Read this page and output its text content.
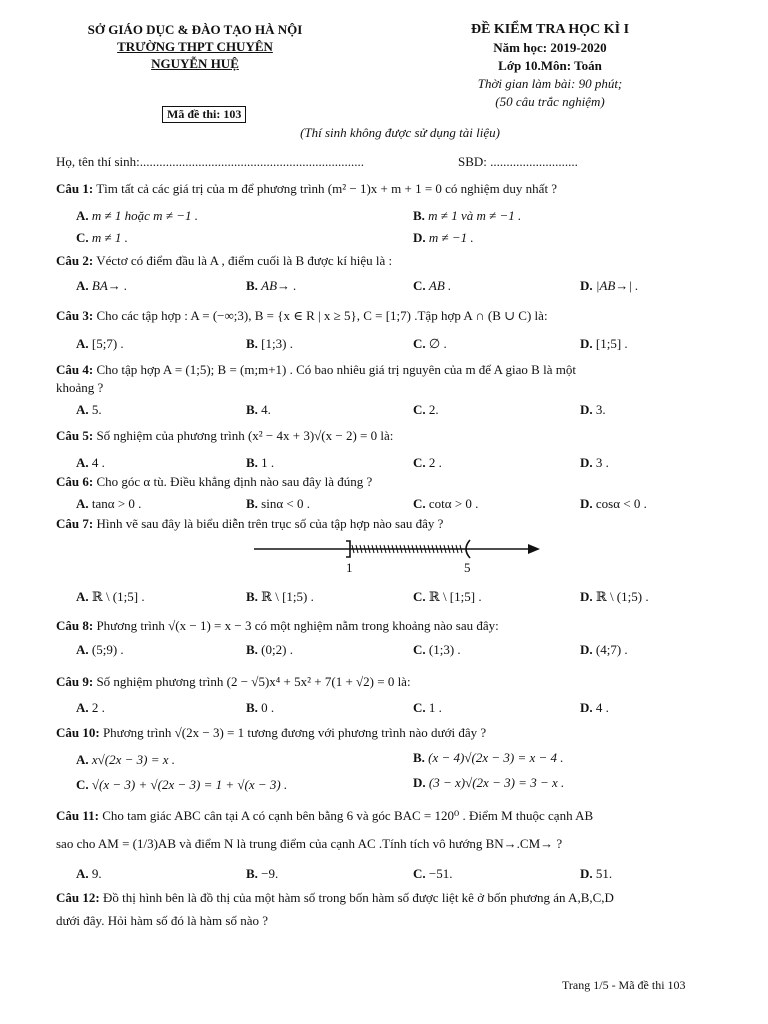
SỞ GIÁO DỤC & ĐÀO TẠO HÀ NỘI
TRƯỜNG THPT CHUYÊN
NGUYỄN HUỆ
ĐỀ KIỂM TRA HỌC KÌ I
Năm học: 2019-2020
Lớp 10.Môn: Toán
Thời gian làm bài: 90 phút;
(50 câu trắc nghiệm)
Mã đề thi: 103
(Thí sinh không được sử dụng tài liệu)
Họ, tên thí sinh:.....................................................................	SBD: ...........................
Câu 1: Tìm tất cả các giá trị của m để phương trình (m² − 1)x + m + 1 = 0 có nghiệm duy nhất ?
A. m ≠ 1 hoặc m ≠ −1 .	B. m ≠ 1 và m ≠ −1 .
C. m ≠ 1 .	D. m ≠ −1 .
Câu 2: Véctơ có điểm đầu là A , điểm cuối là B được kí hiệu là :
A. BA→ .	B. AB→ .	C. AB .	D. |AB→| .
Câu 3: Cho các tập hợp : A = (−∞;3), B = {x ∈ R | x ≥ 5}, C = [1;7) .Tập hợp A ∩ (B ∪ C) là:
A. [5;7) .	B. [1;3) .	C. ∅ .	D. [1;5] .
Câu 4: Cho tập hợp A = (1;5); B = (m;m+1) . Có bao nhiêu giá trị nguyên của m để A giao B là một
khoảng ?
A. 5.	B. 4.	C. 2.	D. 3.
Câu 5: Số nghiệm của phương trình (x² − 4x + 3)√(x − 2) = 0 là:
A. 4 .	B. 1 .	C. 2 .	D. 3 .
Câu 6: Cho góc α tù. Điều khẳng định nào sau đây là đúng ?
A. tanα > 0 .	B. sinα < 0 .	C. cotα > 0 .	D. cosα < 0 .
Câu 7: Hình vẽ sau đây là biểu diễn trên trục số của tập hợp nào sau đây ?
1	5
A. ℝ \ (1;5] .	B. ℝ \ [1;5) .	C. ℝ \ [1;5] .	D. ℝ \ (1;5) .
Câu 8: Phương trình √(x − 1) = x − 3 có một nghiệm nằm trong khoảng nào sau đây:
A. (5;9) .	B. (0;2) .	C. (1;3) .	D. (4;7) .
Câu 9: Số nghiệm phương trình (2 − √5)x⁴ + 5x² + 7(1 + √2) = 0 là:
A. 2 .	B. 0 .	C. 1 .	D. 4 .
Câu 10: Phương trình √(2x − 3) = 1 tương đương với phương trình nào dưới đây ?
A. x√(2x − 3) = x .	B. (x − 4)√(2x − 3) = x − 4 .
C. √(x − 3) + √(2x − 3) = 1 + √(x − 3) .	D. (3 − x)√(2x − 3) = 3 − x .
Câu 11: Cho tam giác ABC cân tại A có cạnh bên bằng 6 và góc BAC = 120⁰ . Điểm M thuộc cạnh AB
sao cho AM = (1/3)AB và điểm N là trung điểm của cạnh AC .Tính tích vô hướng BN→.CM→ ?
A. 9.	B. −9.	C. −51.	D. 51.
Câu 12: Đồ thị hình bên là đồ thị của một hàm số trong bốn hàm số được liệt kê ở bốn phương án A,B,C,D
dưới đây. Hỏi hàm số đó là hàm số nào ?
Trang 1/5 - Mã đề thi 103
